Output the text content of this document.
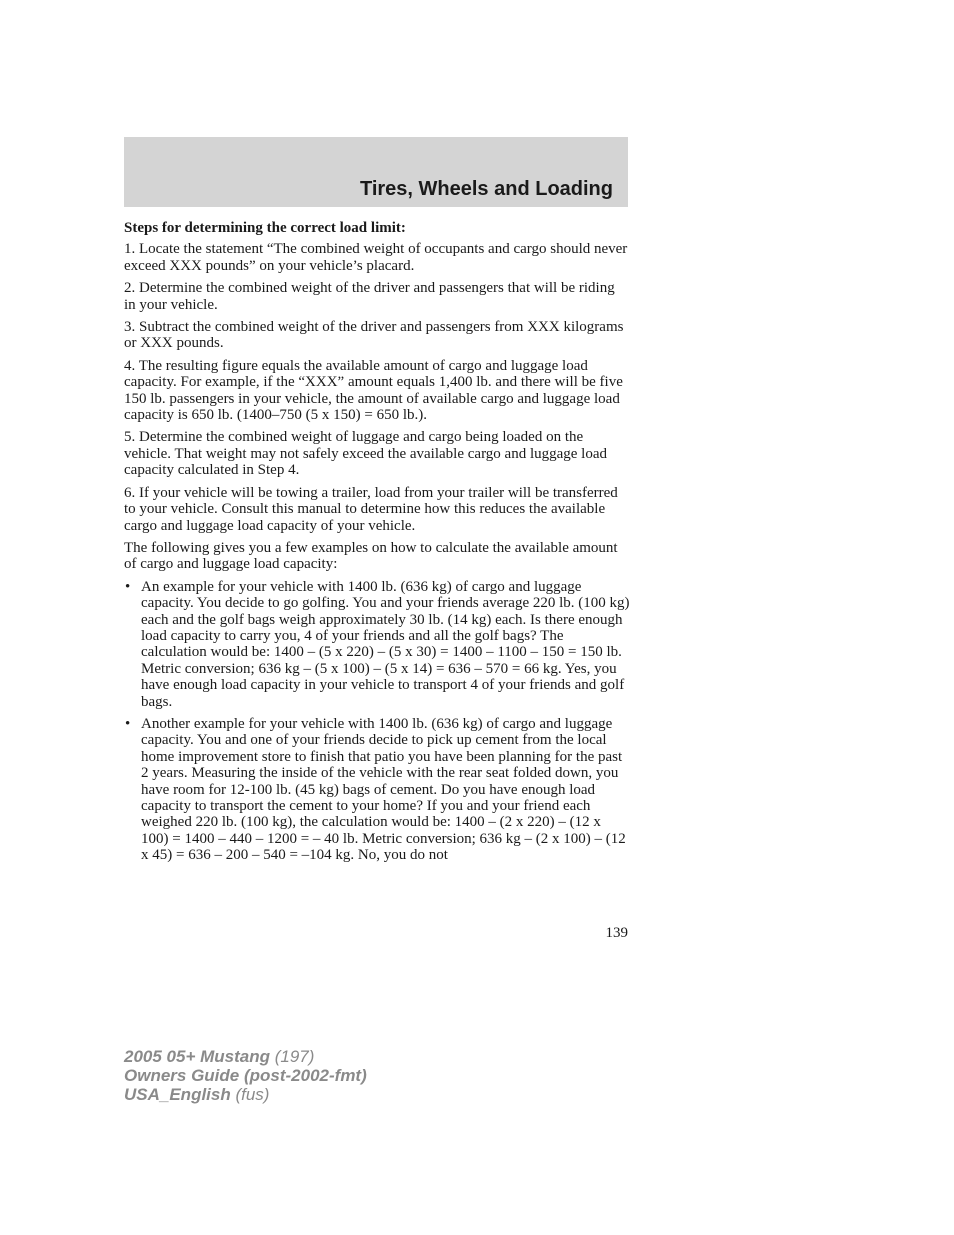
Tires, Wheels and Loading

Steps for determining the correct load limit:

1. Locate the statement “The combined weight of occupants and cargo should never exceed XXX pounds” on your vehicle’s placard.

2. Determine the combined weight of the driver and passengers that will be riding in your vehicle.

3. Subtract the combined weight of the driver and passengers from XXX kilograms or XXX pounds.

4. The resulting figure equals the available amount of cargo and luggage load capacity. For example, if the “XXX” amount equals 1,400 lb. and there will be five 150 lb. passengers in your vehicle, the amount of available cargo and luggage load capacity is 650 lb. (1400–750 (5 x 150) = 650 lb.).

5. Determine the combined weight of luggage and cargo being loaded on the vehicle. That weight may not safely exceed the available cargo and luggage load capacity calculated in Step 4.

6. If your vehicle will be towing a trailer, load from your trailer will be transferred to your vehicle. Consult this manual to determine how this reduces the available cargo and luggage load capacity of your vehicle.

The following gives you a few examples on how to calculate the available amount of cargo and luggage load capacity:

• An example for your vehicle with 1400 lb. (636 kg) of cargo and luggage capacity. You decide to go golfing. You and your friends average 220 lb. (100 kg) each and the golf bags weigh approximately 30 lb. (14 kg) each. Is there enough load capacity to carry you, 4 of your friends and all the golf bags? The calculation would be: 1400 – (5 x 220) – (5 x 30) = 1400 – 1100 – 150 = 150 lb. Metric conversion; 636 kg – (5 x 100) – (5 x 14) = 636 – 570 = 66 kg. Yes, you have enough load capacity in your vehicle to transport 4 of your friends and golf bags.
• Another example for your vehicle with 1400 lb. (636 kg) of cargo and luggage capacity. You and one of your friends decide to pick up cement from the local home improvement store to finish that patio you have been planning for the past 2 years. Measuring the inside of the vehicle with the rear seat folded down, you have room for 12-100 lb. (45 kg) bags of cement. Do you have enough load capacity to transport the cement to your home? If you and your friend each weighed 220 lb. (100 kg), the calculation would be: 1400 – (2 x 220) – (12 x 100) = 1400 – 440 – 1200 = – 40 lb. Metric conversion; 636 kg – (2 x 100) – (12 x 45) = 636 – 200 – 540 = –104 kg. No, you do not
139
2005 05+ Mustang (197)
Owners Guide (post-2002-fmt)
USA_English (fus)
